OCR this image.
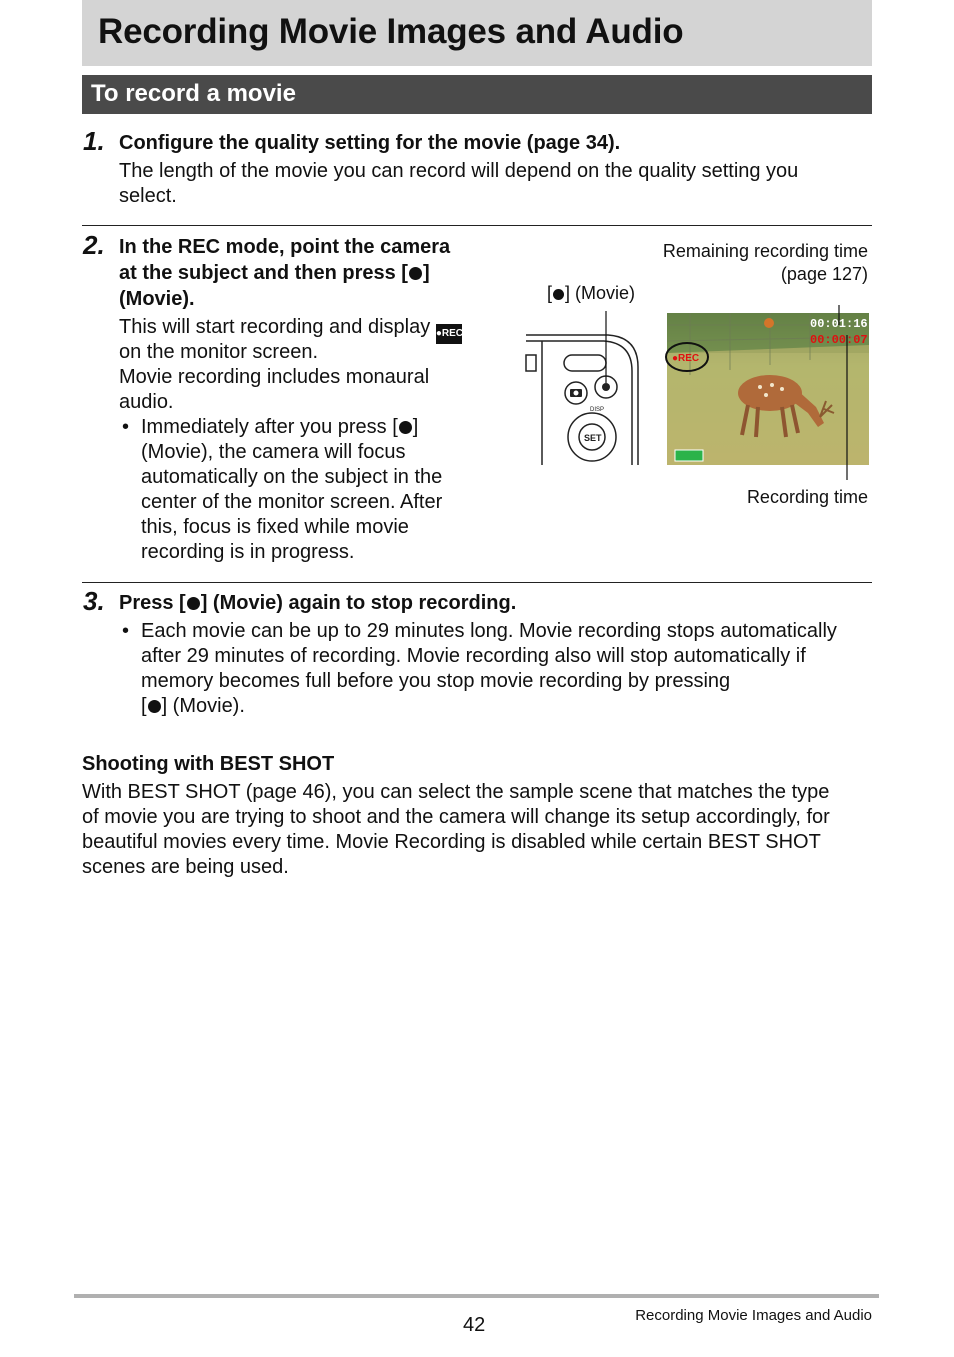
Recording Movie Images and Audio
To record a movie
1. Configure the quality setting for the movie (page 34).
The length of the movie you can record will depend on the quality setting you
select.
2. In the REC mode, point the camera
at the subject and then press [ ]
(Movie).
This will start recording and display ●REC
on the monitor screen.
Movie recording includes monaural
audio.
• Immediately after you press [ ]
(Movie), the camera will focus
automatically on the subject in the
center of the monitor screen. After
this, focus is fixed while movie
recording is in progress.
Remaining recording time
(page 127)
[ ] (Movie)
Recording time
DISP
SET
00:01:16
00:00:07
●REC
3. Press [ ] (Movie) again to stop recording.
• Each movie can be up to 29 minutes long. Movie recording stops automatically
after 29 minutes of recording. Movie recording also will stop automatically if
memory becomes full before you stop movie recording by pressing
[ ] (Movie).
Shooting with BEST SHOT
With BEST SHOT (page 46), you can select the sample scene that matches the type
of movie you are trying to shoot and the camera will change its setup accordingly, for
beautiful movies every time. Movie Recording is disabled while certain BEST SHOT
scenes are being used.
42	Recording Movie Images and Audio
